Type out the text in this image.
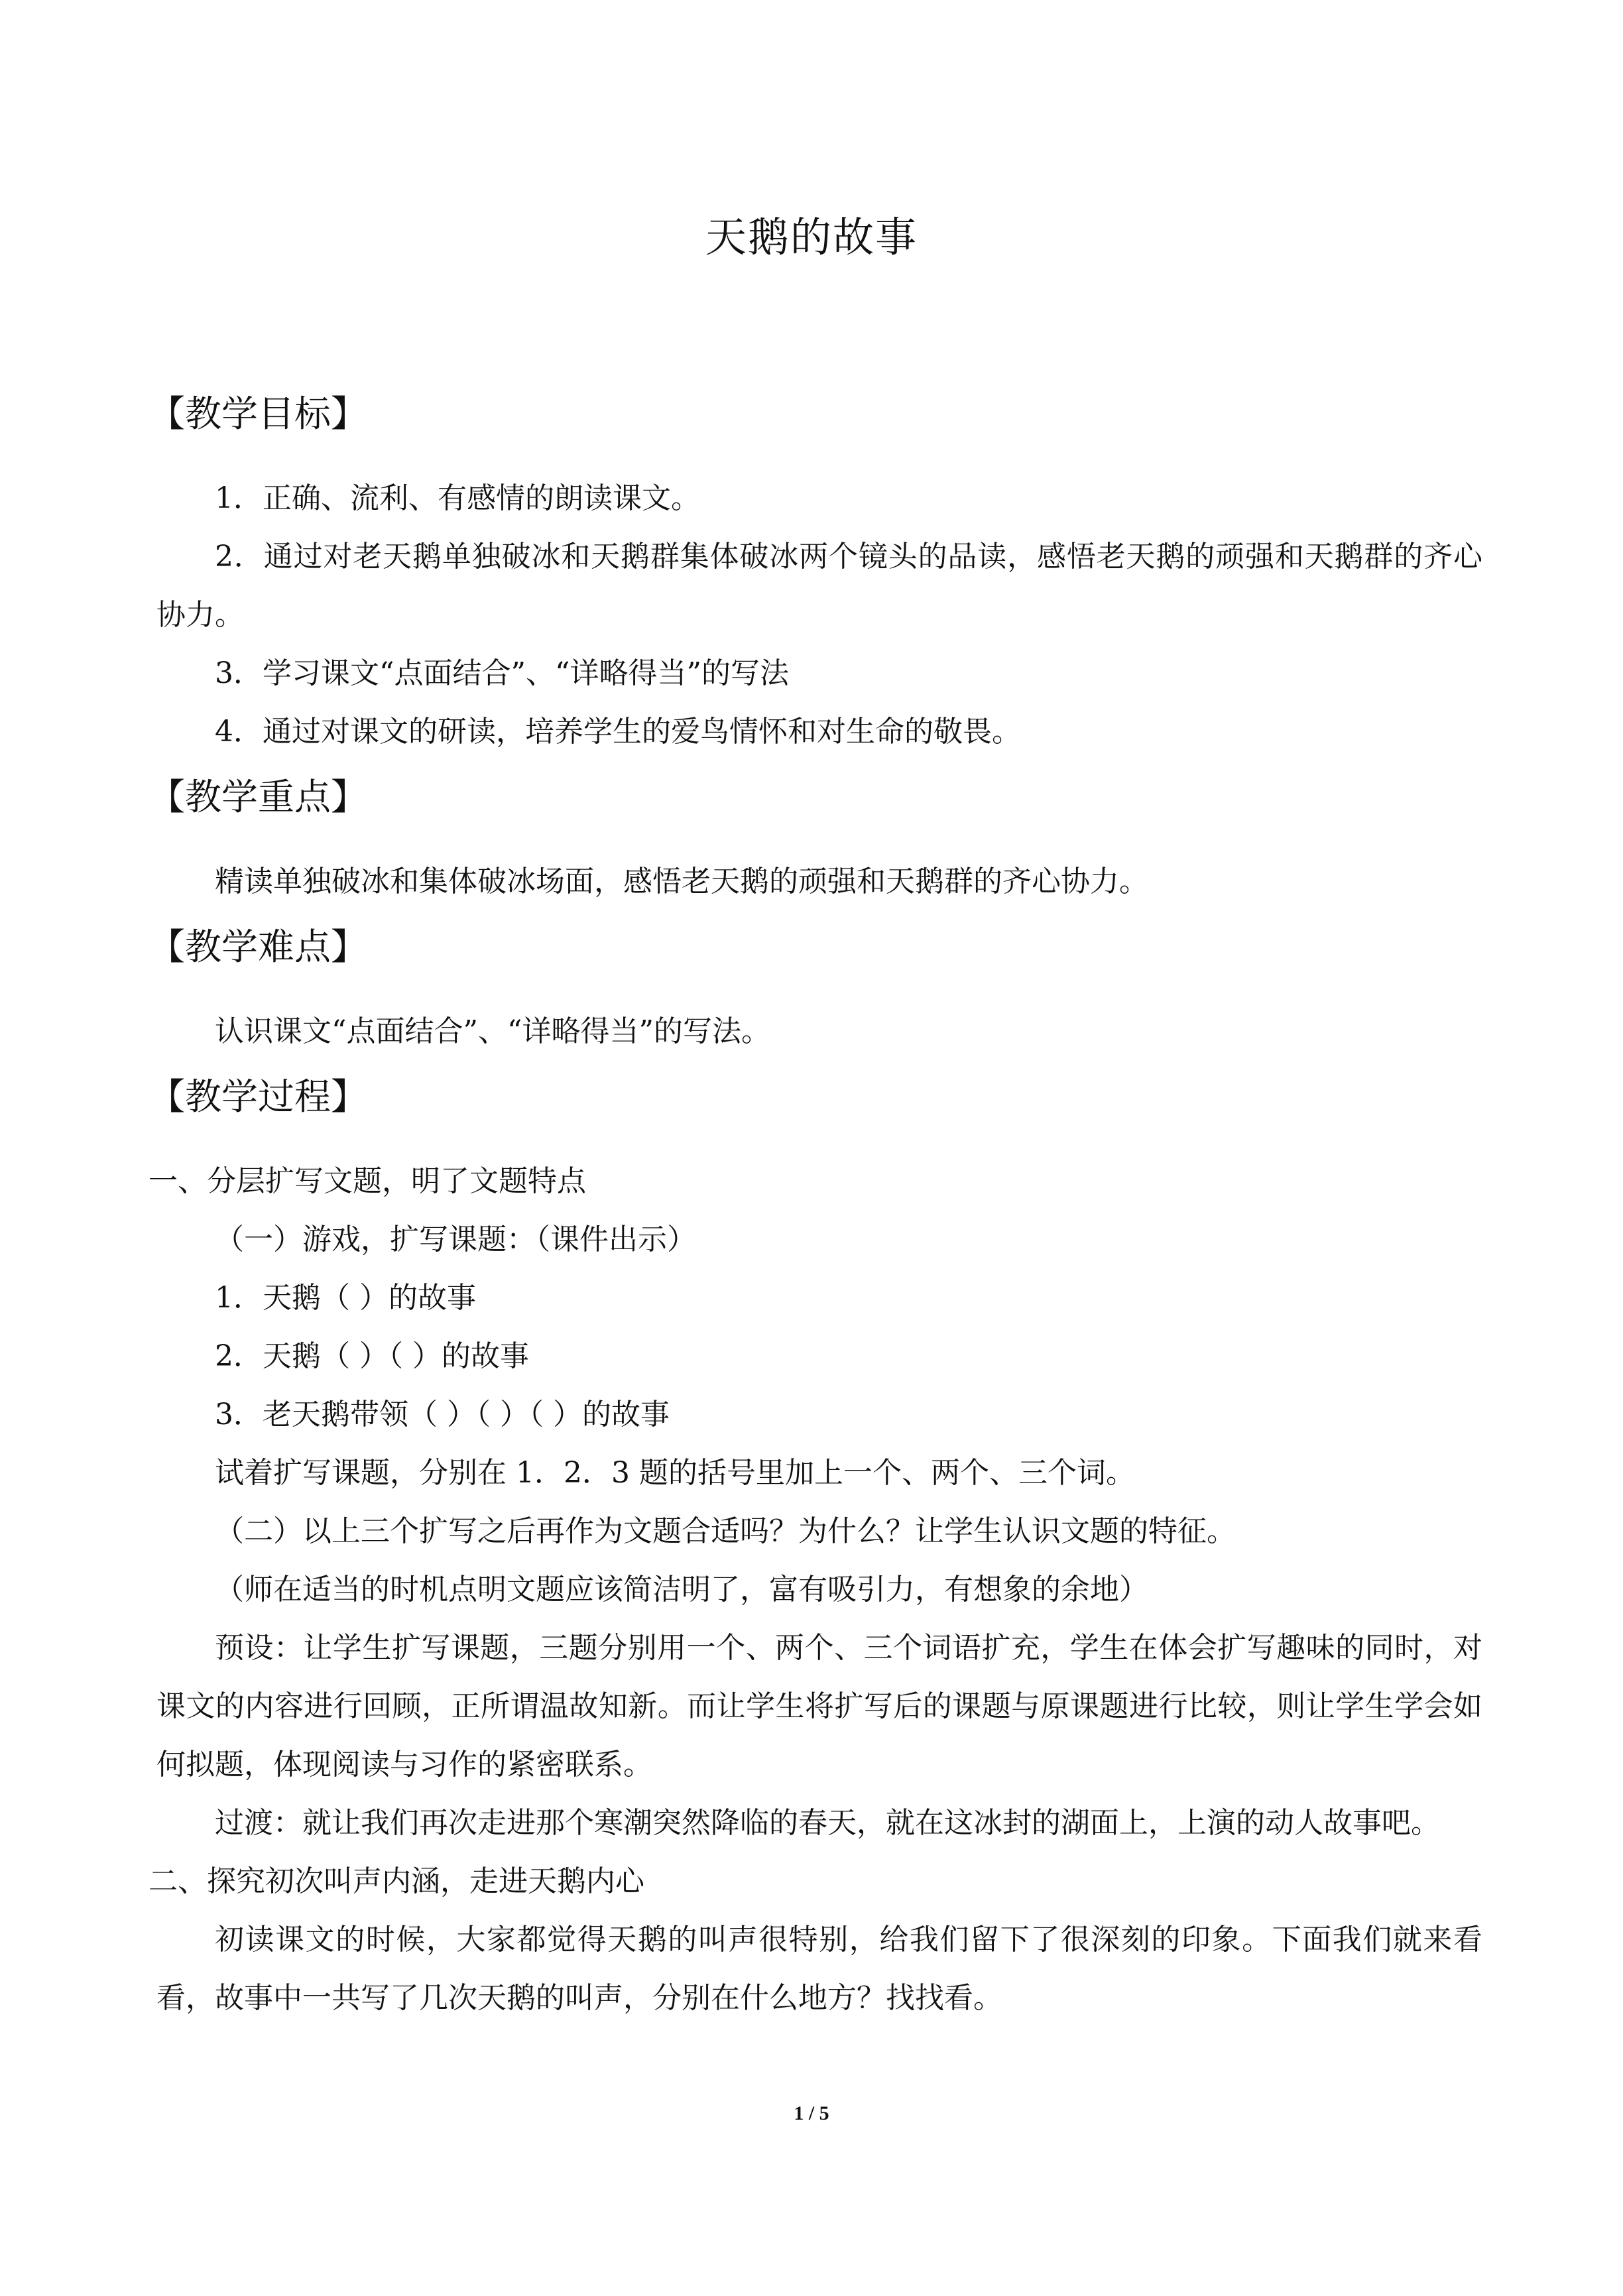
天鹅的故事
【教学目标】
1．正确、流利、有感情的朗读课文。
2．通过对老天鹅单独破冰和天鹅群集体破冰两个镜头的品读，感悟老天鹅的顽强和天鹅群的齐心协力。
3．学习课文“点面结合”、“详略得当”的写法
4．通过对课文的研读，培养学生的爱鸟情怀和对生命的敬畏。
【教学重点】
精读单独破冰和集体破冰场面，感悟老天鹅的顽强和天鹅群的齐心协力。
【教学难点】
认识课文“点面结合”、“详略得当”的写法。
【教学过程】
一、分层扩写文题，明了文题特点
（一）游戏，扩写课题：（课件出示）
1．天鹅（ ）的故事
2．天鹅（ ）（ ）的故事
3．老天鹅带领（ ）（ ）（ ）的故事
试着扩写课题，分别在 1．2．3 题的括号里加上一个、两个、三个词。
（二）以上三个扩写之后再作为文题合适吗？为什么？让学生认识文题的特征。
（师在适当的时机点明文题应该简洁明了，富有吸引力，有想象的余地）
预设：让学生扩写课题，三题分别用一个、两个、三个词语扩充，学生在体会扩写趣味的同时，对课文的内容进行回顾，正所谓温故知新。而让学生将扩写后的课题与原课题进行比较，则让学生学会如何拟题，体现阅读与习作的紧密联系。
过渡：就让我们再次走进那个寒潮突然降临的春天，就在这冰封的湖面上，上演的动人故事吧。
二、探究初次叫声内涵，走进天鹅内心
初读课文的时候，大家都觉得天鹅的叫声很特别，给我们留下了很深刻的印象。下面我们就来看看，故事中一共写了几次天鹅的叫声，分别在什么地方？找找看。
1 / 5
